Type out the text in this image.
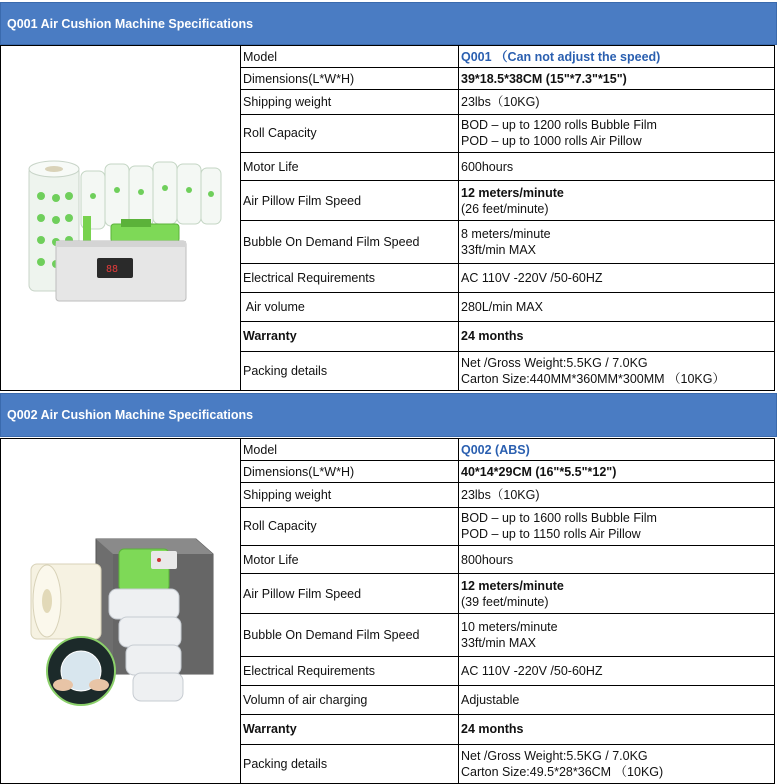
Q001 Air Cushion Machine Specifications
88
Model	Q001 （Can not adjust the speed)
Dimensions(L*W*H)	39*18.5*38CM (15"*7.3"*15")
Shipping weight	23lbs（10KG)
Roll Capacity	BOD – up to 1200 rolls Bubble Film
POD – up to 1000 rolls Air Pillow

Motor Life	600hours
Air Pillow Film Speed	12 meters/minute
(26 feet/minute)

Bubble On Demand Film Speed	8 meters/minute
33ft/min MAX

Electrical Requirements	AC 110V -220V /50-60HZ
Air volume	280L/min MAX
Warranty	24 months
Packing details	Net /Gross Weight:5.5KG / 7.0KG
Carton Size:440MM*360MM*300MM （10KG）
Q002 Air Cushion Machine Specifications
Model	Q002 (ABS)
Dimensions(L*W*H)	40*14*29CM (16"*5.5"*12")
Shipping weight	23lbs（10KG)
Roll Capacity	BOD – up to 1600 rolls Bubble Film
POD – up to 1150 rolls Air Pillow

Motor Life	800hours
Air Pillow Film Speed	12 meters/minute
(39 feet/minute)

Bubble On Demand Film Speed	10 meters/minute
33ft/min MAX

Electrical Requirements	AC 110V -220V /50-60HZ
Volumn of air charging	Adjustable
Warranty	24 months
Packing details	Net /Gross Weight:5.5KG / 7.0KG
Carton Size:49.5*28*36CM （10KG)
